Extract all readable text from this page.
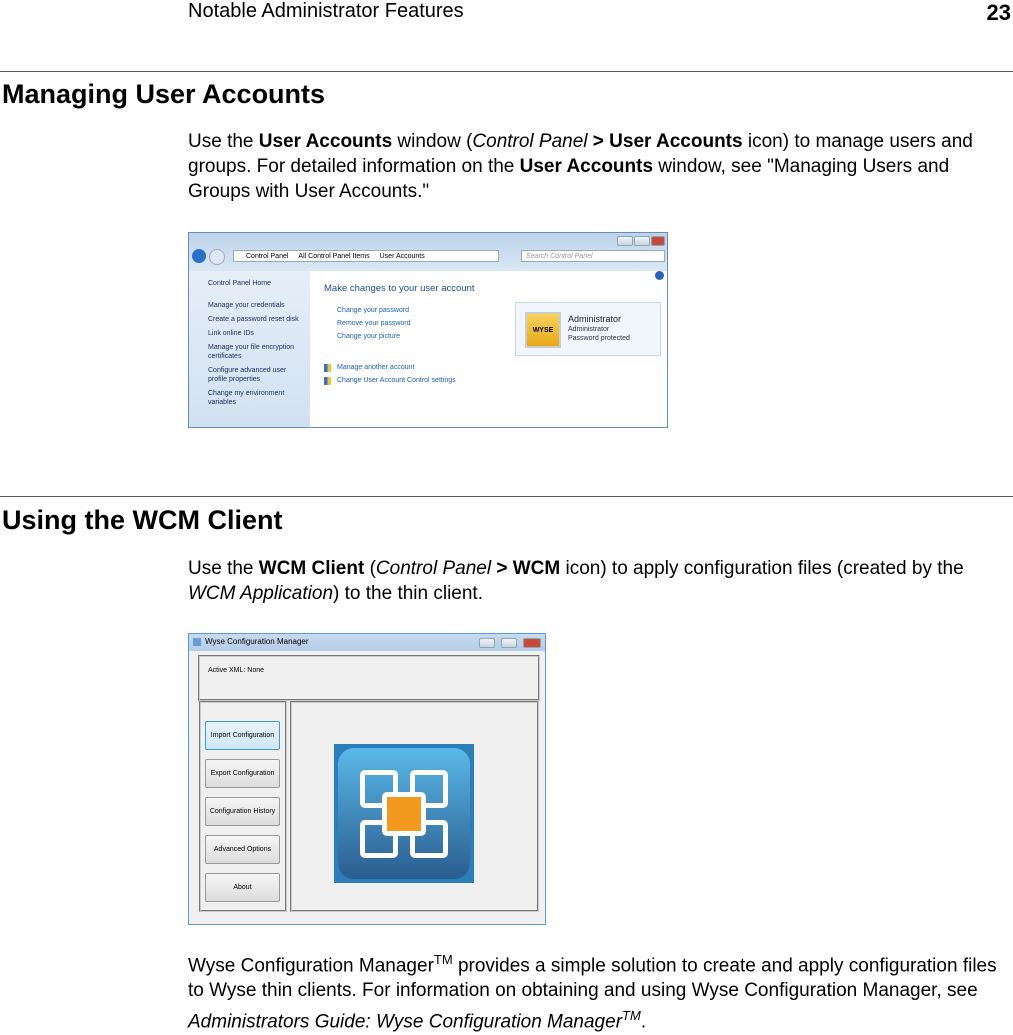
Notable Administrator Features	23
Managing User Accounts
Use the User Accounts window (Control Panel > User Accounts icon) to manage users and groups. For detailed information on the User Accounts window, see "Managing Users and Groups with User Accounts."
Control Panel All Control Panel Items User Accounts	Search Control Panel
Control Panel Home
Manage your credentials
Create a password reset disk
Link online IDs
Manage your file encryption certificates
Configure advanced user profile properties
Change my environment variables
Make changes to your user account
Change your password
Remove your password
Change your picture
Manage another account
Change User Account Control settings
WYSE
Administrator
Administrator
Password protected
Using the WCM Client
Use the WCM Client (Control Panel > WCM icon) to apply configuration files (created by the WCM Application) to the thin client.
Wyse Configuration Manager
Active XML: None
Import Configuration
Export Configuration
Configuration History
Advanced Options
About
Wyse Configuration Manager™ provides a simple solution to create and apply configuration files to Wyse thin clients. For information on obtaining and using Wyse Configuration Manager, see Administrators Guide: Wyse Configuration Manager™.
